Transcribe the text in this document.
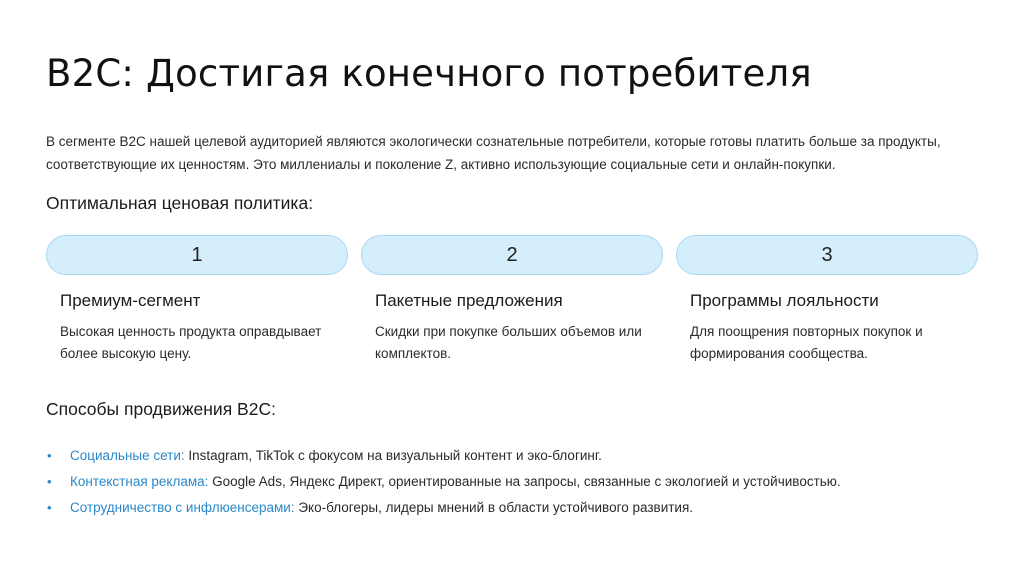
B2C: Достигая конечного потребителя
В сегменте B2C нашей целевой аудиторией являются экологически сознательные потребители, которые готовы платить больше за продукты, соответствующие их ценностям. Это миллениалы и поколение Z, активно использующие социальные сети и онлайн-покупки.
Оптимальная ценовая политика:
1
Премиум-сегмент
Высокая ценность продукта оправдывает более высокую цену.
2
Пакетные предложения
Скидки при покупке больших объемов или комплектов.
3
Программы лояльности
Для поощрения повторных покупок и формирования сообщества.
Способы продвижения B2C:
• Социальные сети: Instagram, TikTok с фокусом на визуальный контент и эко-блогинг.
• Контекстная реклама: Google Ads, Яндекс Директ, ориентированные на запросы, связанные с экологией и устойчивостью.
• Сотрудничество с инфлюенсерами: Эко-блогеры, лидеры мнений в области устойчивого развития.
